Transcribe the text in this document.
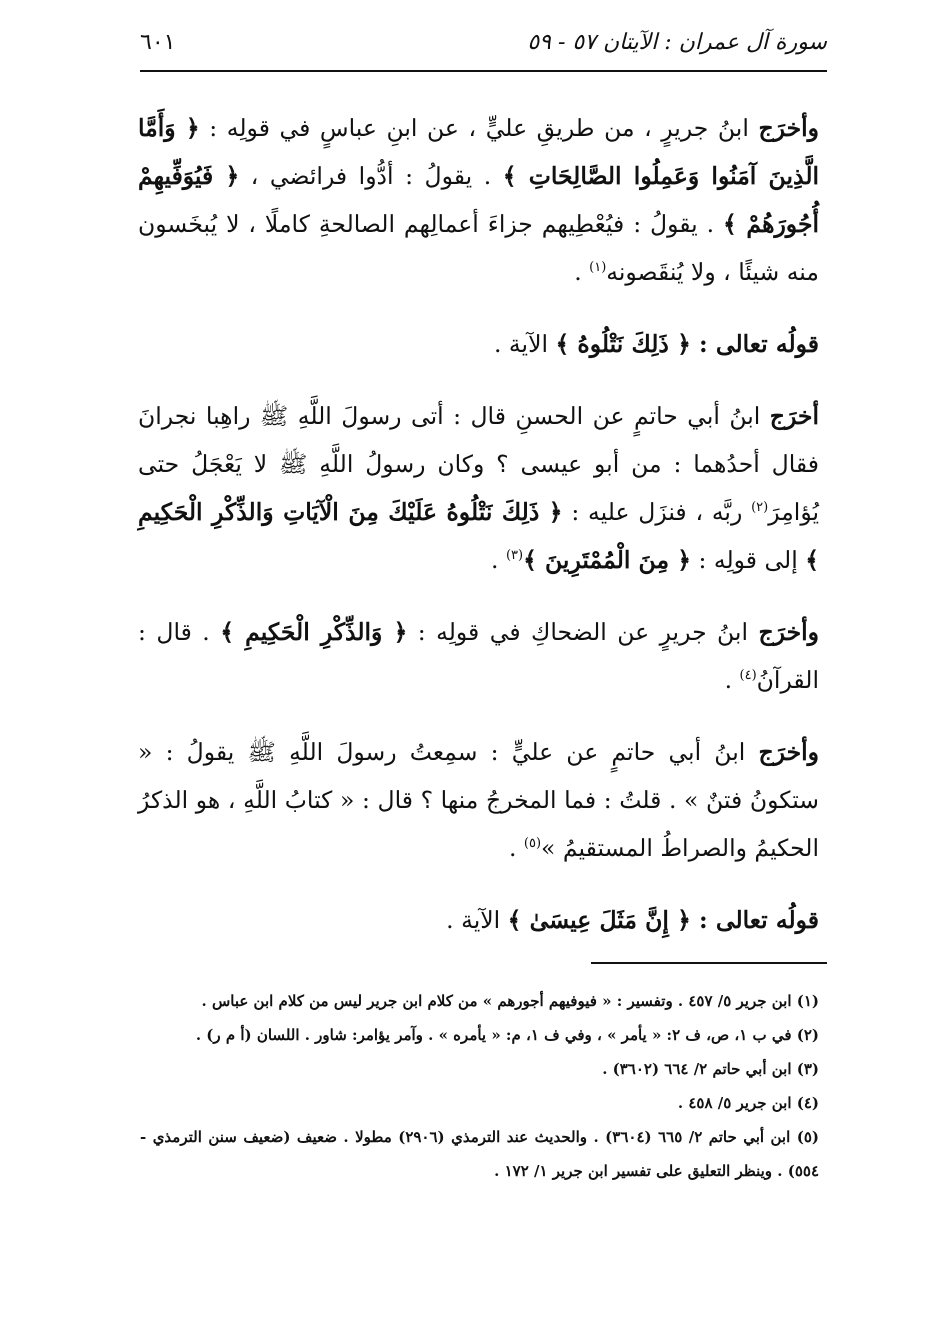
سورة آل عمران : الآيتان ٥٧ - ٥٩
٦٠١

وأخرَج ابنُ جريرٍ ، من طريقِ عليٍّ ، عن ابنِ عباسٍ في قولِه : ﴿ وَأَمَّا الَّذِينَ آمَنُوا وَعَمِلُوا الصَّالِحَاتِ ﴾ . يقولُ : أدُّوا فرائضي ، ﴿ فَيُوَفِّيهِمْ أُجُورَهُمْ ﴾ . يقولُ : فيُعْطِيهم جزاءَ أعمالِهم الصالحةِ كاملًا ، لا يُبخَسون منه شيئًا ، ولا يُنقَصونه$^{(١)}$ .

قولُه تعالى : ﴿ ذَلِكَ نَتْلُوهُ ﴾ الآية .

أخرَج ابنُ أبي حاتمٍ عن الحسنِ قال : أتى رسولَ اللَّهِ ﷺ راهِبا نجرانَ فقال أحدُهما : من أبو عيسى ؟ وكان رسولُ اللَّهِ ﷺ لا يَعْجَلُ حتى يُؤامِرَ$^{(٢)}$ ربَّه ، فنزَل عليه : ﴿ ذَلِكَ نَتْلُوهُ عَلَيْكَ مِنَ الْآيَاتِ وَالذِّكْرِ الْحَكِيمِ ﴾ إلى قولِه : ﴿ مِنَ الْمُمْتَرِينَ ﴾$^{(٣)}$ .

وأخرَج ابنُ جريرٍ عن الضحاكِ في قولِه : ﴿ وَالذِّكْرِ الْحَكِيمِ ﴾ . قال : القرآنُ$^{(٤)}$ .

وأخرَج ابنُ أبي حاتمٍ عن عليٍّ : سمِعتُ رسولَ اللَّهِ ﷺ يقولُ : « ستكونُ فتنٌ » . قلتُ : فما المخرجُ منها ؟ قال : « كتابُ اللَّهِ ، هو الذكرُ الحكيمُ والصراطُ المستقيمُ »$^{(٥)}$ .

قولُه تعالى : ﴿ إِنَّ مَثَلَ عِيسَىٰ ﴾ الآية .

(١) ابن جرير ٥/ ٤٥٧ . وتفسير : « فيوفيهم أجورهم » من كلام ابن جرير ليس من كلام ابن عباس .

(٢) في ب ١، ص، ف ٢: « يأمر » ، وفي ف ١، م: « يأمره » . وآمر يؤامر: شاور . اللسان (أ م ر) .

(٣) ابن أبي حاتم ٢/ ٦٦٤ (٣٦٠٢) .

(٤) ابن جرير ٥/ ٤٥٨ .

(٥) ابن أبي حاتم ٢/ ٦٦٥ (٣٦٠٤) . والحديث عند الترمذي (٢٩٠٦) مطولا . ضعيف (ضعيف سنن الترمذي - ٥٥٤) . وينظر التعليق على تفسير ابن جرير ١/ ١٧٢ .
